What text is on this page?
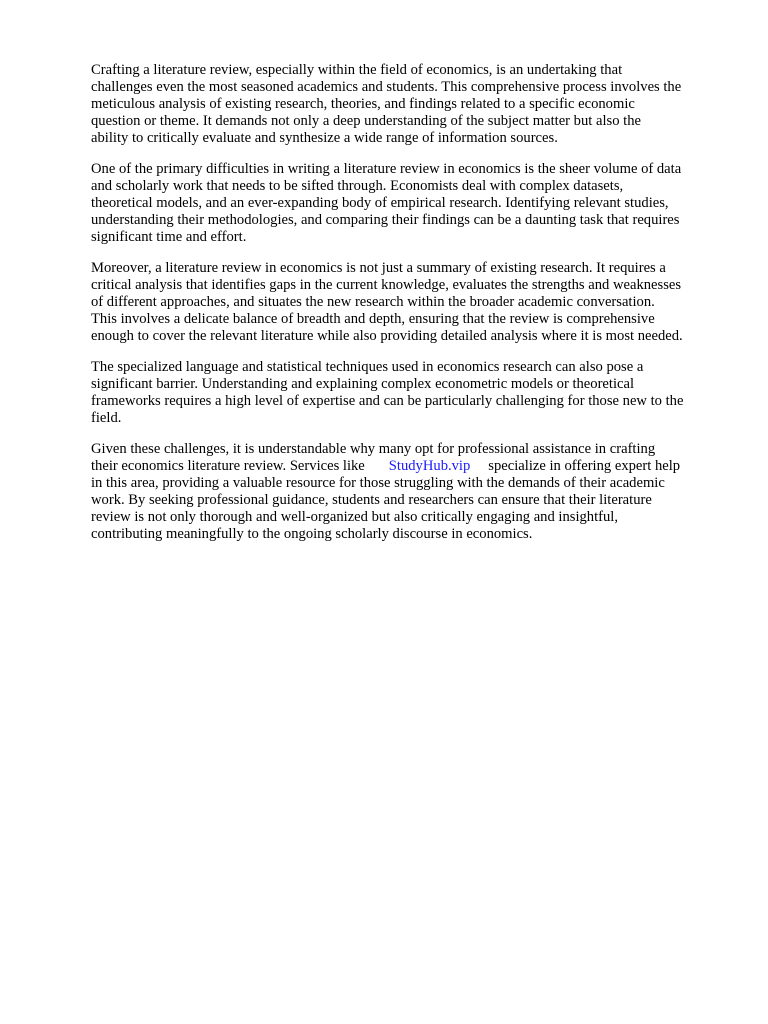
Crafting a literature review, especially within the field of economics, is an undertaking that
challenges even the most seasoned academics and students. This comprehensive process involves the
meticulous analysis of existing research, theories, and findings related to a specific economic
question or theme. It demands not only a deep understanding of the subject matter but also the
ability to critically evaluate and synthesize a wide range of information sources.

One of the primary difficulties in writing a literature review in economics is the sheer volume of data
and scholarly work that needs to be sifted through. Economists deal with complex datasets,
theoretical models, and an ever-expanding body of empirical research. Identifying relevant studies,
understanding their methodologies, and comparing their findings can be a daunting task that requires
significant time and effort.

Moreover, a literature review in economics is not just a summary of existing research. It requires a
critical analysis that identifies gaps in the current knowledge, evaluates the strengths and weaknesses
of different approaches, and situates the new research within the broader academic conversation.
This involves a delicate balance of breadth and depth, ensuring that the review is comprehensive
enough to cover the relevant literature while also providing detailed analysis where it is most needed.

The specialized language and statistical techniques used in economics research can also pose a
significant barrier. Understanding and explaining complex econometric models or theoretical
frameworks requires a high level of expertise and can be particularly challenging for those new to the
field.

Given these challenges, it is understandable why many opt for professional assistance in crafting
their economics literature review. Services like StudyHub.vip specialize in offering expert help
in this area, providing a valuable resource for those struggling with the demands of their academic
work. By seeking professional guidance, students and researchers can ensure that their literature
review is not only thorough and well-organized but also critically engaging and insightful,
contributing meaningfully to the ongoing scholarly discourse in economics.
